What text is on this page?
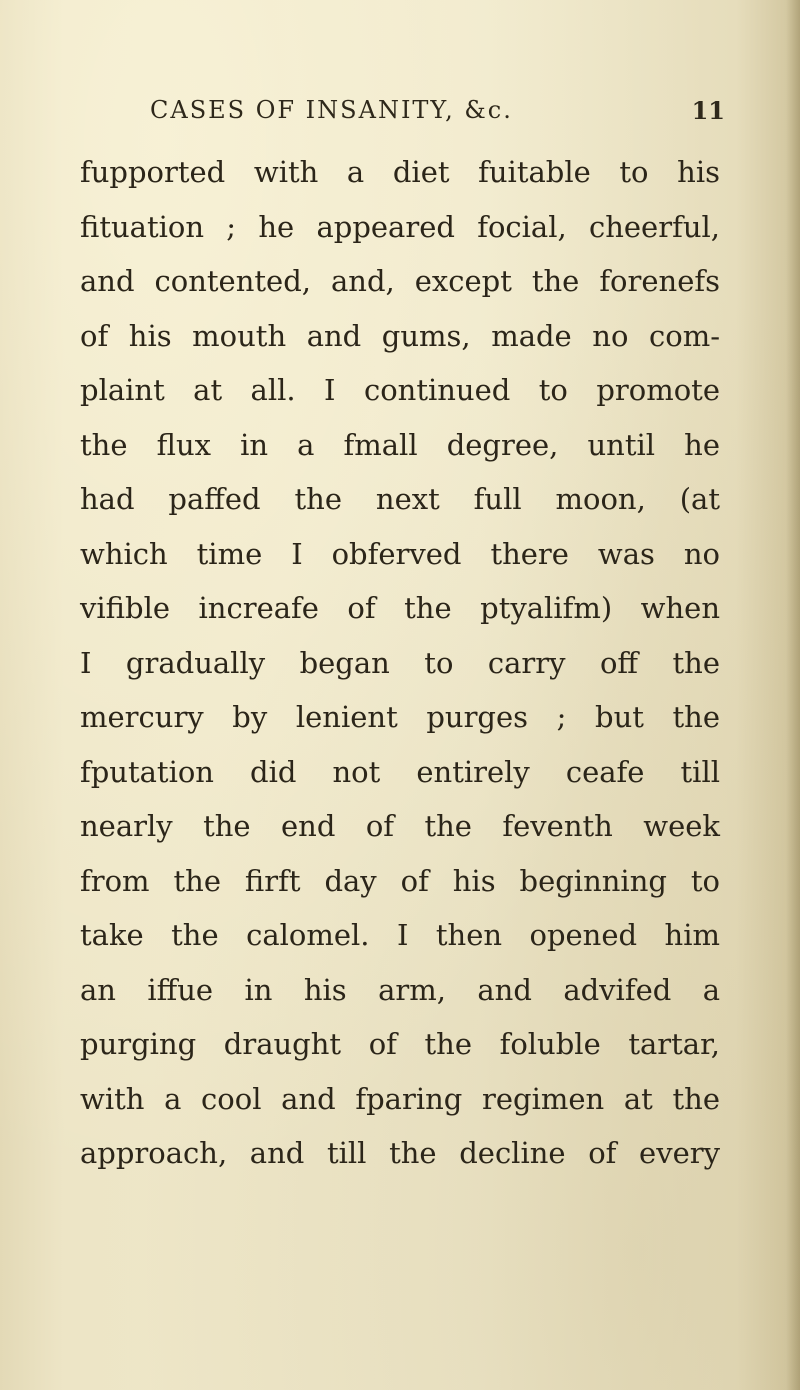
CASES OF INSANITY, &c.	11
fupported with a diet fuitable to his
fituation ; he appeared focial, cheerful,
and contented, and, except the forenefs
of his mouth and gums, made no com-
plaint at all. I continued to promote
the flux in a fmall degree, until he
had paffed the next full moon, (at
which time I obferved there was no
vifible increafe of the ptyalifm) when
I gradually began to carry off the
mercury by lenient purges ; but the
fputation did not entirely ceafe till
nearly the end of the feventh week
from the firft day of his beginning to
take the calomel. I then opened him
an iffue in his arm, and advifed a
purging draught of the foluble tartar,
with a cool and fparing regimen at the
approach, and till the decline of every
